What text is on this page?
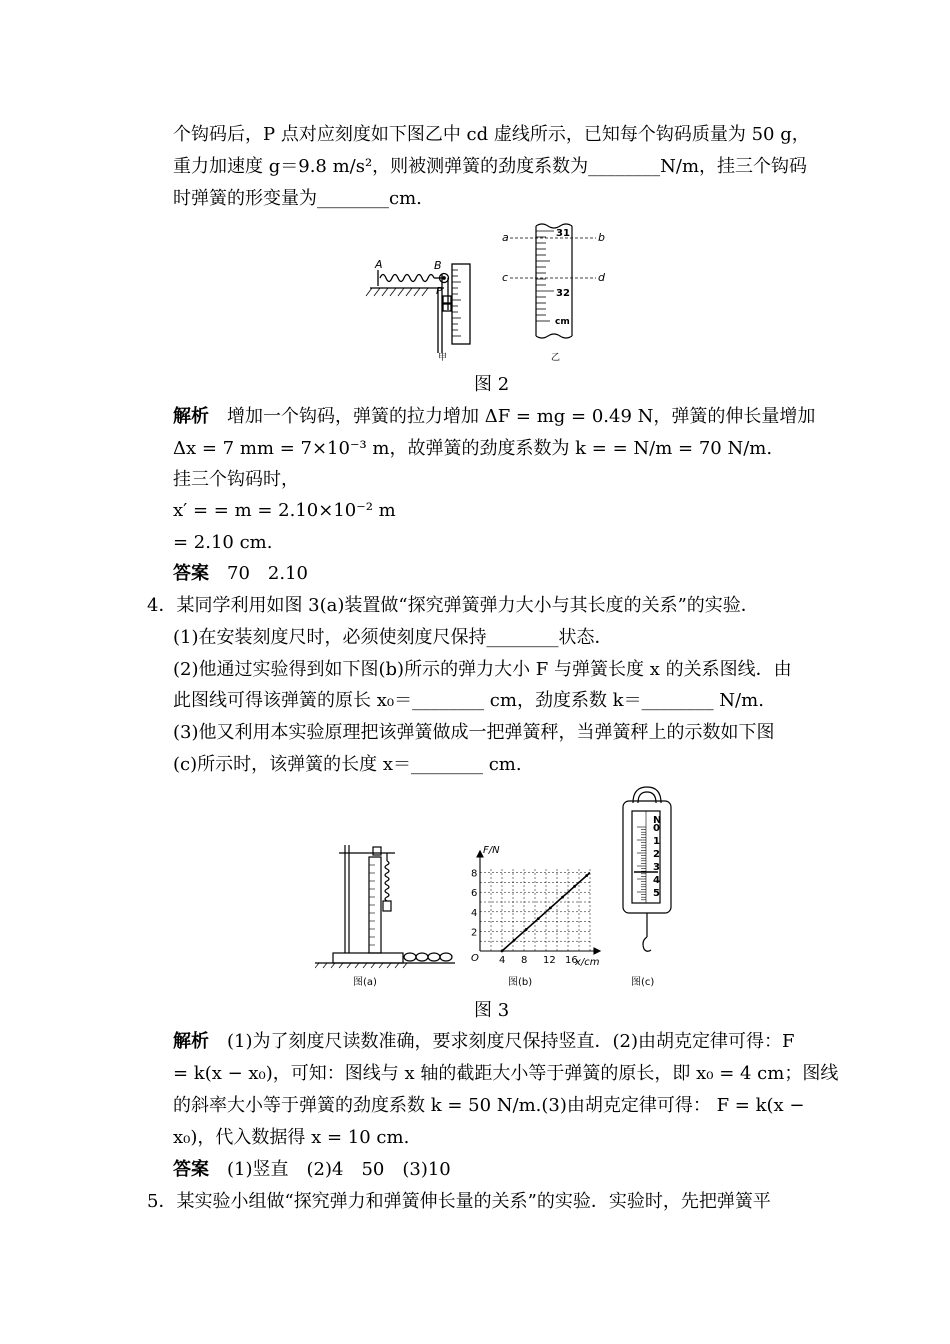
个钩码后，P 点对应刻度如下图乙中 cd 虚线所示，已知每个钩码质量为 50 g，
重力加速度 g＝9.8 m/s²，则被测弹簧的劲度系数为________N/m，挂三个钩码
时弹簧的形变量为________cm.
A	B
P
甲
31
32
cm
a	b
c	d
乙
图 2
解析　 增加一个钩码，弹簧的拉力增加 ΔF = mg = 0.49 N，弹簧的伸长量增加
Δx = 7 mm = 7×10⁻³ m，故弹簧的劲度系数为 k = = N/m = 70 N/m.
挂三个钩码时，
x′ = = m = 2.10×10⁻² m
= 2.10 cm.
答案　 70　2.10
4．某同学利用如图 3(a)装置做“探究弹簧弹力大小与其长度的关系”的实验．
(1)在安装刻度尺时，必须使刻度尺保持________状态．
(2)他通过实验得到如下图(b)所示的弹力大小 F 与弹簧长度 x 的关系图线．由
此图线可得该弹簧的原长 x₀＝________ cm，劲度系数 k＝________ N/m.
(3)他又利用本实验原理把该弹簧做成一把弹簧秤，当弹簧秤上的示数如下图
(c)所示时，该弹簧的长度 x＝________ cm.
图(a)
4 8 12 16
2
4
6
8
F/N
x/cm
O
图(b)
N
0
1
2
3
4
5
图(c)
图 3
解析　 (1)为了刻度尺读数准确，要求刻度尺保持竖直．(2)由胡克定律可得：F
= k(x − x₀)，可知：图线与 x 轴的截距大小等于弹簧的原长，即 x₀ = 4 cm；图线
的斜率大小等于弹簧的劲度系数 k = 50 N/m.(3)由胡克定律可得： F = k(x −
x₀)，代入数据得 x = 10 cm.
答案　 (1)竖直　(2)4　50　(3)10
5．某实验小组做“探究弹力和弹簧伸长量的关系”的实验．实验时，先把弹簧平
